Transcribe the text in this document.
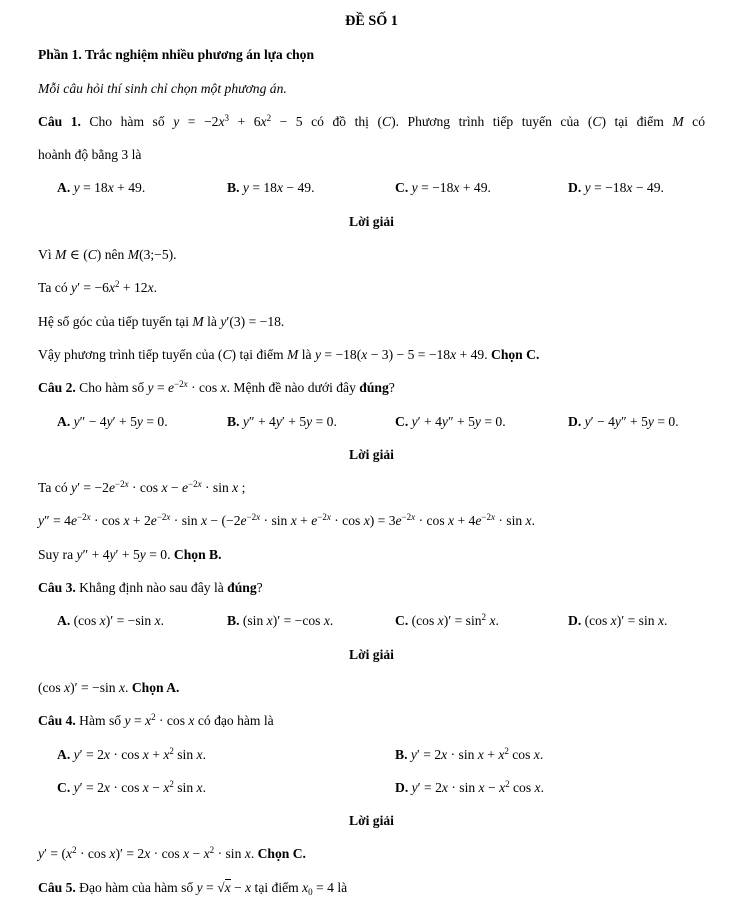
ĐỀ SỐ 1
Phần 1. Trắc nghiệm nhiều phương án lựa chọn
Mỗi câu hỏi thí sinh chỉ chọn một phương án.
Câu 1. Cho hàm số $y = -2x^3 + 6x^2 - 5$ có đồ thị (C). Phương trình tiếp tuyến của (C) tại điểm M có
hoành độ bằng 3 là
A. y = 18x + 49.	B. y = 18x − 49.	C. y = −18x + 49.	D. y = −18x − 49.
Lời giải
Vì M ∈ (C) nên M(3;−5).
Ta có $y' = -6x^2 + 12x$.
Hệ số góc của tiếp tuyến tại M là y′(3) = −18.
Vậy phương trình tiếp tuyến của (C) tại điểm M là y = −18(x − 3) − 5 = −18x + 49. Chọn C.
Câu 2. Cho hàm số $y = e^{-2x} \cdot \cos x$. Mệnh đề nào dưới đây đúng?
A. y″ − 4y′ + 5y = 0.	B. y″ + 4y′ + 5y = 0.	C. y′ + 4y″ + 5y = 0.	D. y′ − 4y″ + 5y = 0.
Lời giải
Ta có $y' = -2e^{-2x} \cdot \cos x - e^{-2x} \cdot \sin x$ ;
$y'' = 4e^{-2x} \cdot \cos x + 2e^{-2x} \cdot \sin x - (-2e^{-2x} \cdot \sin x + e^{-2x} \cdot \cos x) = 3e^{-2x} \cdot \cos x + 4e^{-2x} \cdot \sin x$.
Suy ra y″ + 4y′ + 5y = 0. Chọn B.
Câu 3. Khẳng định nào sau đây là đúng?
A. (cos x)′ = −sin x.	B. (sin x)′ = −cos x.	C. (cos $x)' = \sin^2 x$.	D. (cos x)′ = sin x.
Lời giải
(cos x)′ = −sin x. Chọn A.
Câu 4. Hàm số $y = x^2 \cdot \cos x$ có đạo hàm là
A. $y' = 2x \cdot \cos x + x^2$ sin x.	B. $y' = 2x \cdot \sin x + x^2$ cos x.
C. $y' = 2x \cdot \cos x - x^2$ sin x.	D. $y' = 2x \cdot \sin x - x^2$ cos x.
Lời giải
$y' = (x^2 \cdot \cos x)' = 2x \cdot \cos x - x^2 \cdot \sin x$. Chọn C.
Câu 5. Đạo hàm của hàm số y = √x − x tại điểm $x_0 = 4$ là
